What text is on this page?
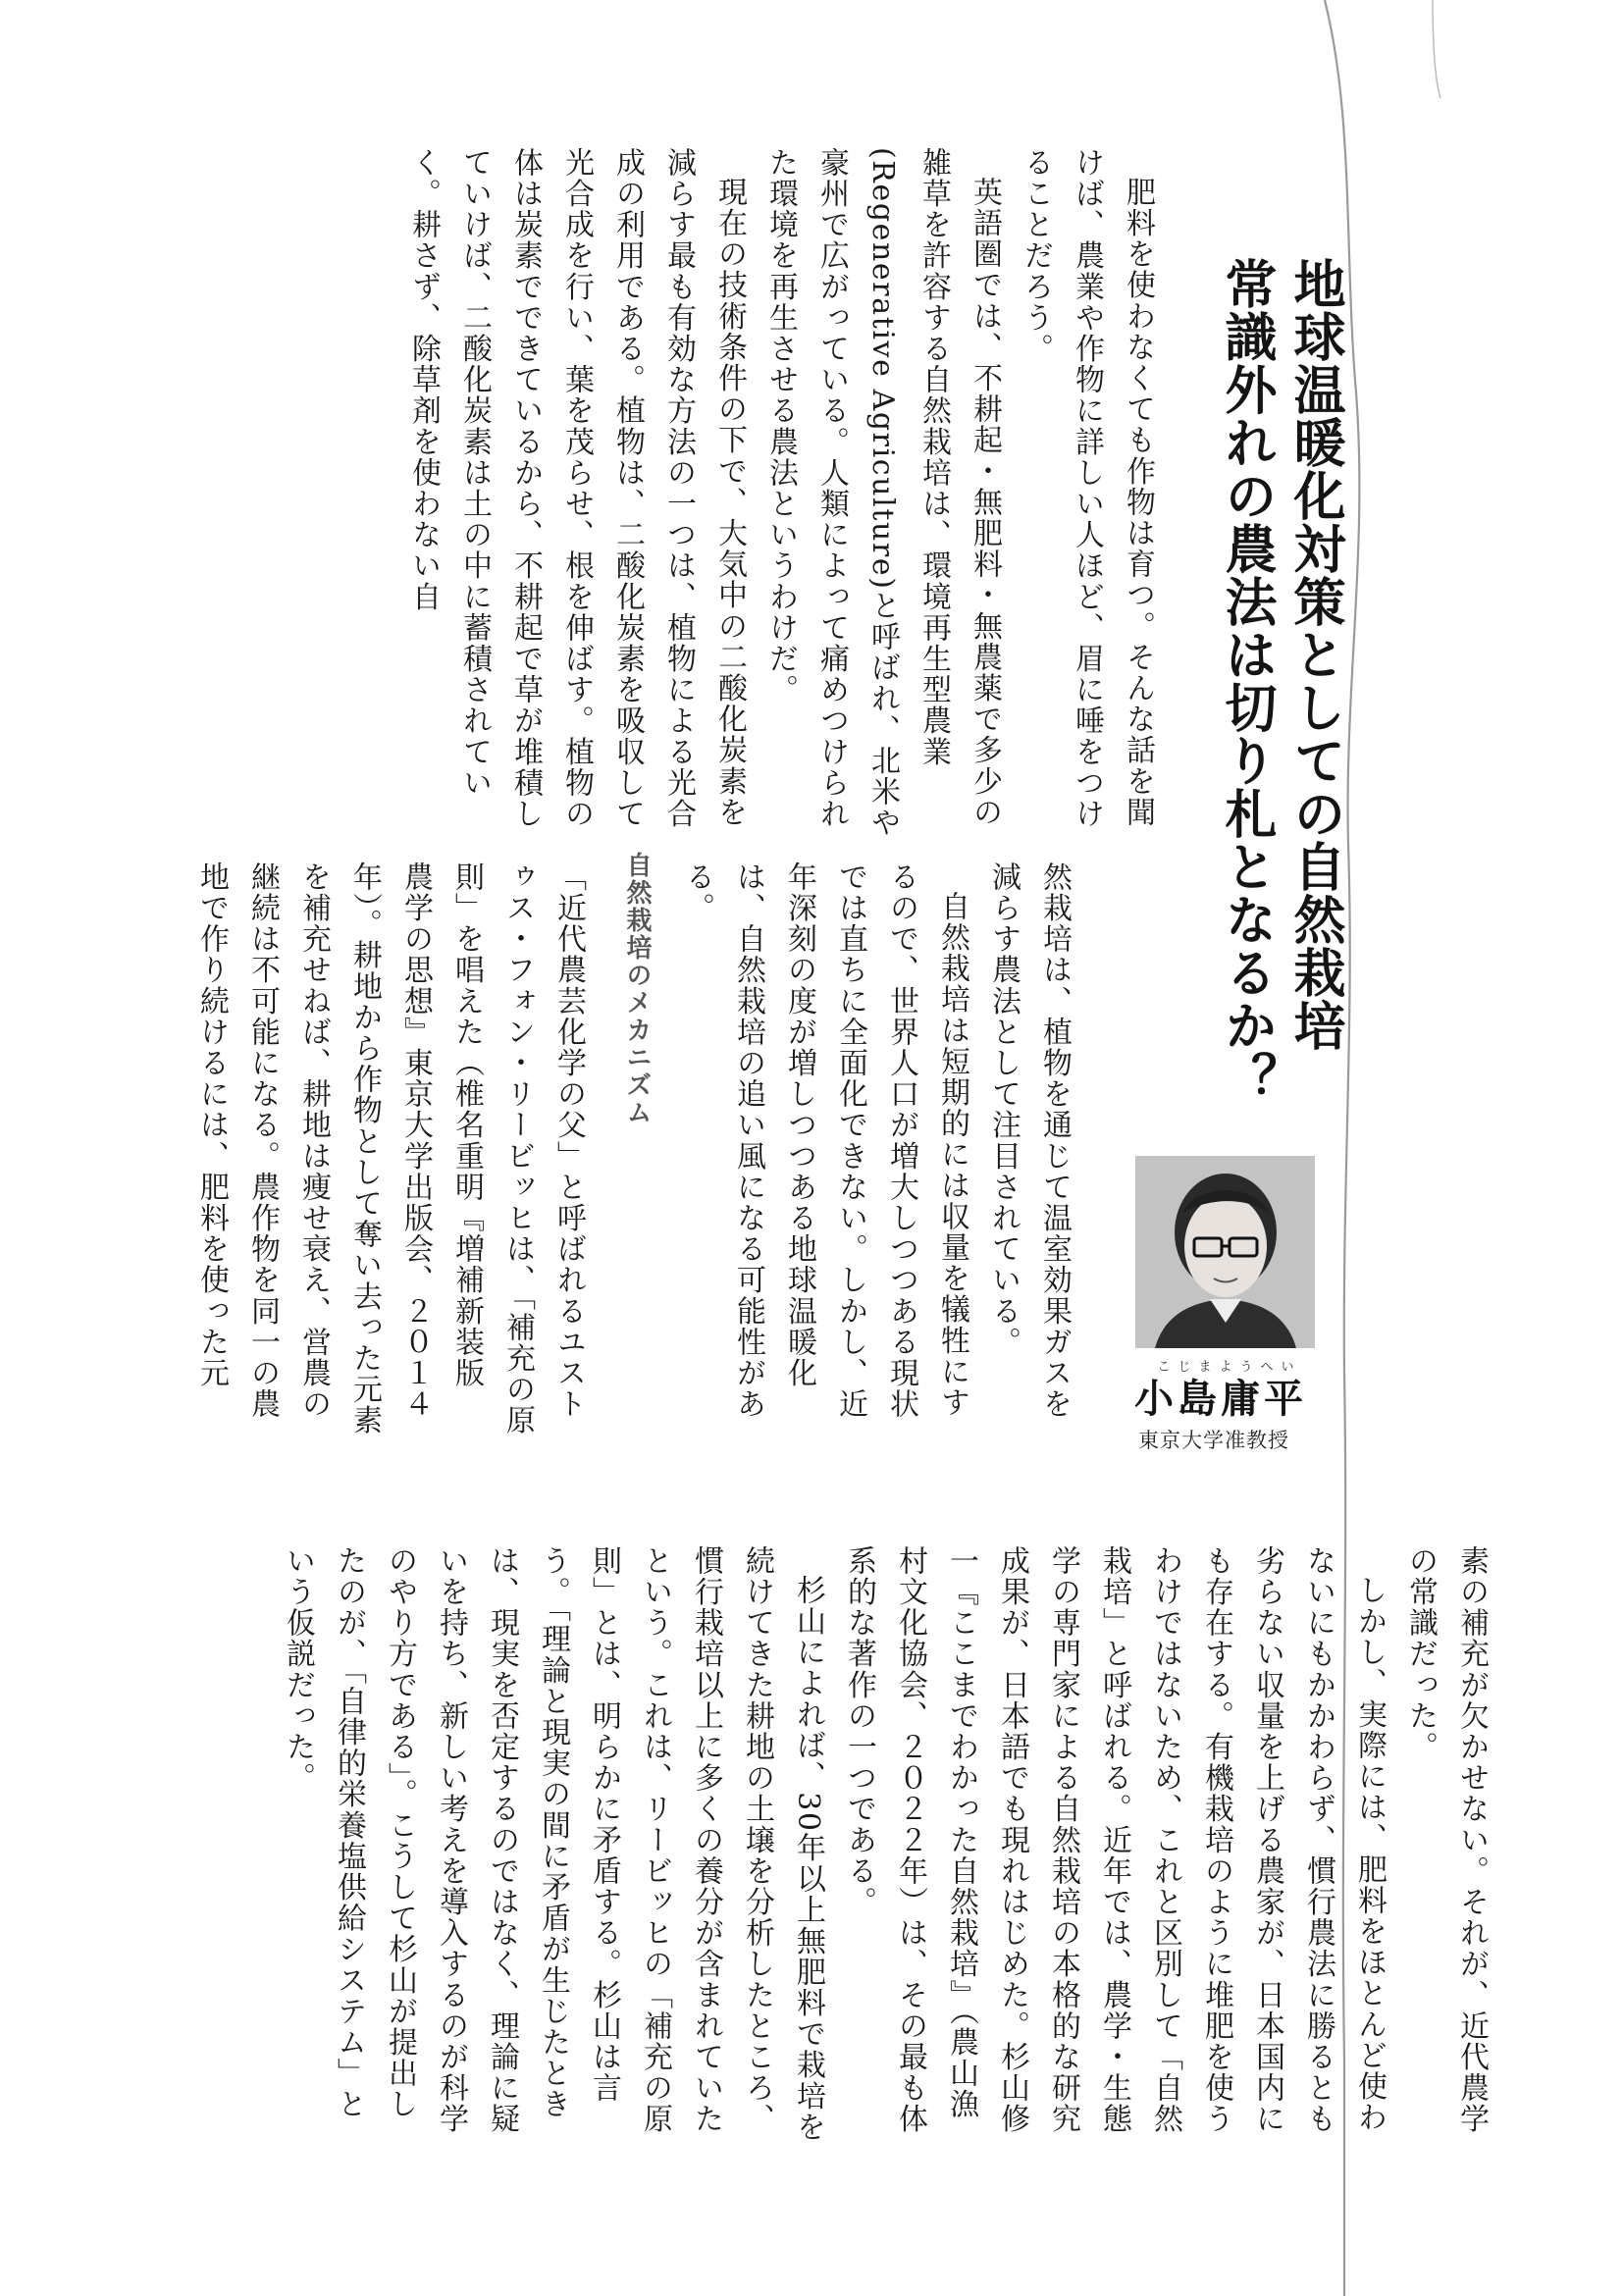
地球温暖化対策としての自然栽培
常識外れの農法は切り札となるか？
こじまようへい
小島庸平
東京大学准教授
肥料を使わなくても作物は育つ。そんな話を聞けば、農業や作物に詳しい人ほど、眉に唾をつけることだろう。
英語圏では、不耕起・無肥料・無農薬で多少の雑草を許容する自然栽培は、環境再生型農業(Regenerative Agriculture)と呼ばれ、北米や豪州で広がっている。人類によって痛めつけられた環境を再生させる農法というわけだ。
現在の技術条件の下で、大気中の二酸化炭素を減らす最も有効な方法の一つは、植物による光合成の利用である。植物は、二酸化炭素を吸収して光合成を行い、葉を茂らせ、根を伸ばす。植物の体は炭素でできているから、不耕起で草が堆積していけば、二酸化炭素は土の中に蓄積されていく。耕さず、除草剤を使わない自
然栽培は、植物を通じて温室効果ガスを減らす農法として注目されている。
自然栽培は短期的には収量を犠牲にするので、世界人口が増大しつつある現状では直ちに全面化できない。しかし、近年深刻の度が増しつつある地球温暖化は、自然栽培の追い風になる可能性がある。
自然栽培のメカニズム
「近代農芸化学の父」と呼ばれるユストゥス・フォン・リービッヒは、「補充の原則」を唱えた（椎名重明『増補新装版　農学の思想』東京大学出版会、２０１４年）。耕地から作物として奪い去った元素を補充せねば、耕地は痩せ衰え、営農の継続は不可能になる。農作物を同一の農地で作り続けるには、肥料を使った元
素の補充が欠かせない。それが、近代農学の常識だった。
しかし、実際には、肥料をほとんど使わないにもかかわらず、慣行農法に勝るとも劣らない収量を上げる農家が、日本国内にも存在する。有機栽培のように堆肥を使うわけではないため、これと区別して「自然栽培」と呼ばれる。近年では、農学・生態学の専門家による自然栽培の本格的な研究成果が、日本語でも現れはじめた。杉山修一『ここまでわかった自然栽培』（農山漁村文化協会、２０２２年）は、その最も体系的な著作の一つである。
杉山によれば、30年以上無肥料で栽培を続けてきた耕地の土壌を分析したところ、慣行栽培以上に多くの養分が含まれていたという。これは、リービッヒの「補充の原則」とは、明らかに矛盾する。杉山は言う。「理論と現実の間に矛盾が生じたときは、現実を否定するのではなく、理論に疑いを持ち、新しい考えを導入するのが科学のやり方である」。こうして杉山が提出したのが、「自律的栄養塩供給システム」という仮説だった。
